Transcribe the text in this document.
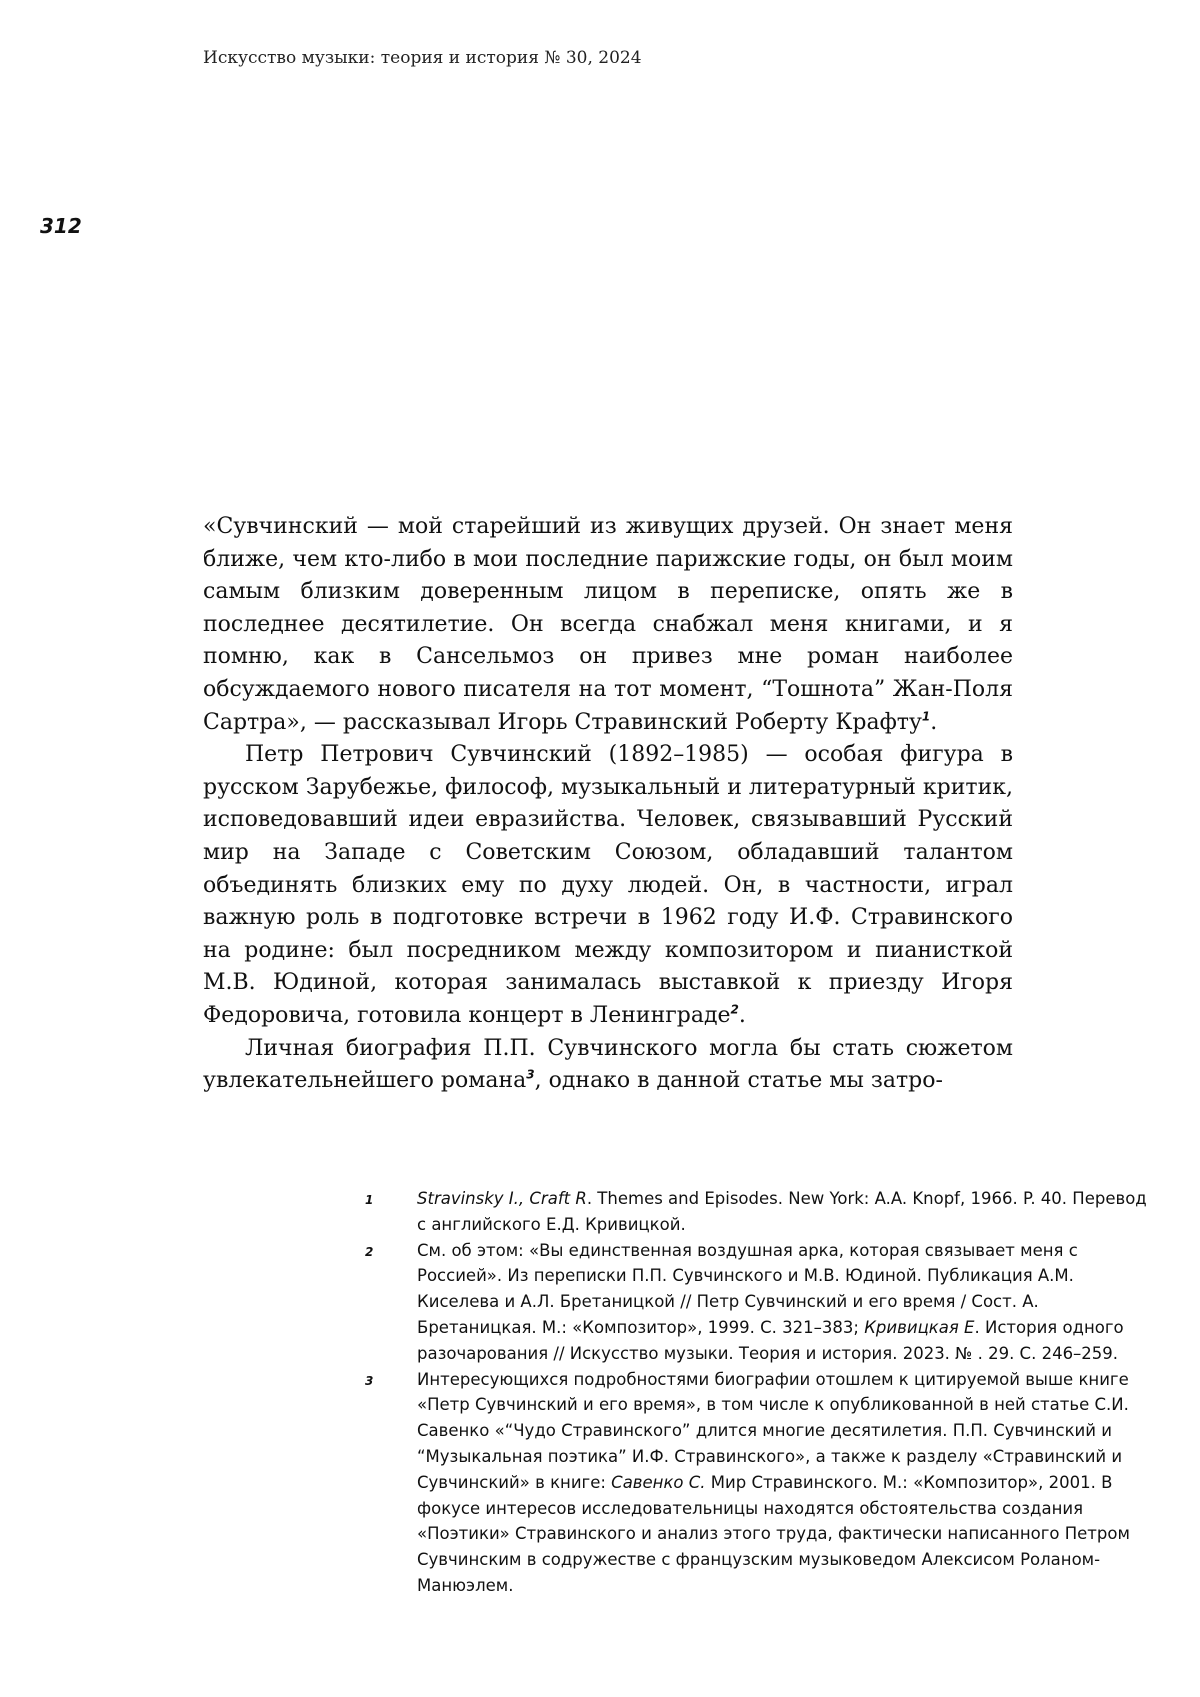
Искусство музыки: теория и история № 30, 2024
312

«Сувчинский — мой старейший из живущих друзей. Он знает меня ближе, чем кто-либо в мои последние парижские годы, он был моим самым близким доверенным лицом в переписке, опять же в последнее десятилетие. Он всегда снабжал меня книгами, и я помню, как в Сансельмоз он привез мне роман наиболее обсуждаемого нового писателя на тот момент, “Тошнота” Жан-Поля Сартра», — рассказывал Игорь Стравинский Роберту Крафту$^1$.

Петр Петрович Сувчинский (1892–1985) — особая фигура в русском Зарубежье, философ, музыкальный и литературный критик, исповедовавший идеи евразийства. Человек, связывавший Русский мир на Западе с Советским Союзом, обладавший талантом объединять близких ему по духу людей. Он, в частности, играл важную роль в подготовке встречи в 1962 году И.Ф. Стравинского на родине: был посредником между композитором и пианисткой М.В. Юдиной, которая занималась выставкой к приезду Игоря Федоровича, готовила концерт в Ленинграде$^2$.

Личная биография П.П. Сувчинского могла бы стать сюжетом увлекательнейшего романа$^3$, однако в данной статье мы затро-

1	Stravinsky I., Craft R. Themes and Episodes. New York: A.A. Knopf, 1966. P. 40. Перевод с английского Е.Д. Кривицкой.
2	См. об этом: «Вы единственная воздушная арка, которая связывает меня с Россией». Из переписки П.П. Сувчинского и М.В. Юдиной. Публикация А.М. Киселева и А.Л. Бретаницкой // Петр Сувчинский и его время / Сост. А. Бретаницкая. М.: «Композитор», 1999. С. 321–383; Кривицкая Е. История одного разочарования // Искусство музыки. Теория и история. 2023. № . 29. С. 246–259.
3	Интересующихся подробностями биографии отошлем к цитируемой выше книге «Петр Сувчинский и его время», в том числе к опубликованной в ней статье С.И. Савенко «“Чудо Стравинского” длится многие десятилетия. П.П. Сувчинский и “Музыкальная поэтика” И.Ф. Стравинского», а также к разделу «Стравинский и Сувчинский» в книге: Савенко С. Мир Стравинского. М.: «Композитор», 2001. В фокусе интересов исследовательницы находятся обстоятельства создания «Поэтики» Стравинского и анализ этого труда, фактически написанного Петром Сувчинским в содружестве с французским музыковедом Алексисом Роланом-Манюэлем.
